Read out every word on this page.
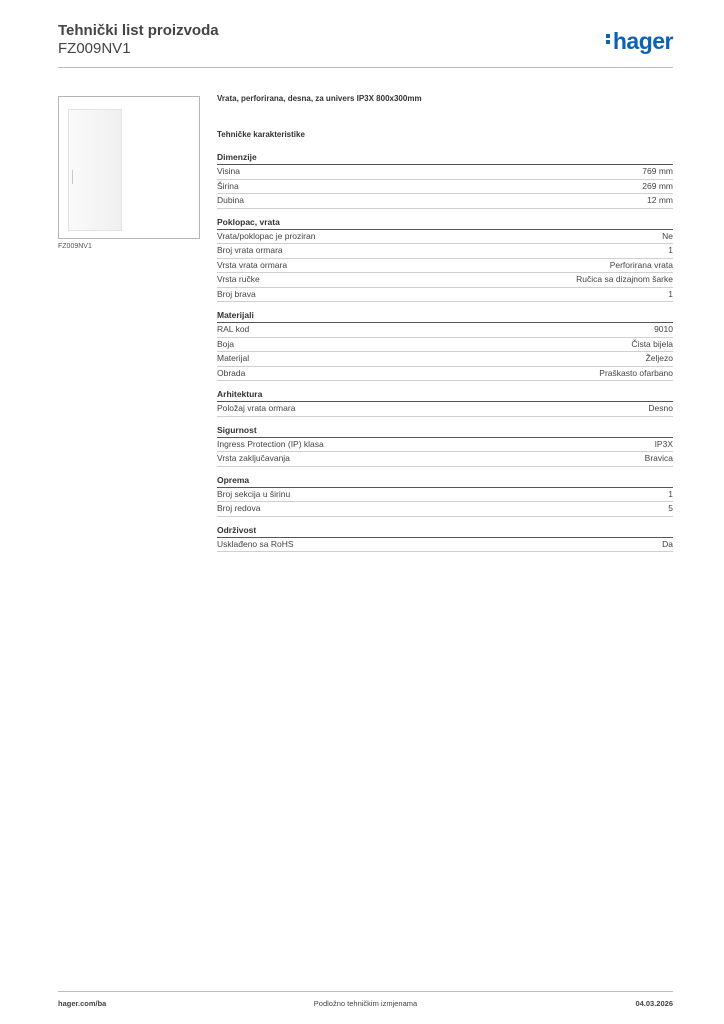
Tehnički list proizvoda
FZ009NV1	hager
FZ009NV1
Vrata, perforirana, desna, za univers IP3X 800x300mm
Tehničke karakteristike
Dimenzije
Visina	769 mm
Širina	269 mm
Dubina	12 mm
Poklopac, vrata
Vrata/poklopac je proziran	Ne
Broj vrata ormara	1
Vrsta vrata ormara	Perforirana vrata
Vrsta ručke	Ručica sa dizajnom šarke
Broj brava	1
Materijali
RAL kod	9010
Boja	Čista bijela
Materijal	Željezo
Obrada	Praškasto ofarbano
Arhitektura
Položaj vrata ormara	Desno
Sigurnost
Ingress Protection (IP) klasa	IP3X
Vrsta zaključavanja	Bravica
Oprema
Broj sekcija u širinu	1
Broj redova	5
Održivost
Usklađeno sa RoHS	Da
hager.com/ba	Podložno tehničkim izmjenama	04.03.2026
